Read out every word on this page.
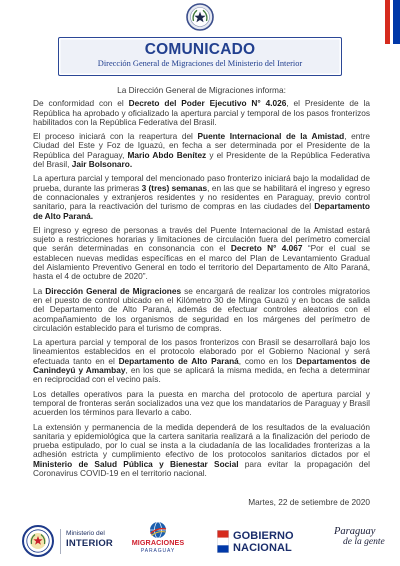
COMUNICADO
Dirección General de Migraciones del Ministerio del Interior

La Dirección General de Migraciones informa:

De conformidad con el Decreto del Poder Ejecutivo N° 4.026, el Presidente de la República ha aprobado y oficializado la apertura parcial y temporal de los pasos fronterizos habilitados con la República Federativa del Brasil.

El proceso iniciará con la reapertura del Puente Internacional de la Amistad, entre Ciudad del Este y Foz de Iguazú, en fecha a ser determinada por el Presidente de la República del Paraguay, Mario Abdo Benítez y el Presidente de la República Federativa del Brasil, Jair Bolsonaro.

La apertura parcial y temporal del mencionado paso fronterizo iniciará bajo la modalidad de prueba, durante las primeras 3 (tres) semanas, en las que se habilitará el ingreso y egreso de connacionales y extranjeros residentes y no residentes en Paraguay, previo control sanitario, para la reactivación del turismo de compras en las ciudades del Departamento de Alto Paraná.

El ingreso y egreso de personas a través del Puente Internacional de la Amistad estará sujeto a restricciones horarias y limitaciones de circulación fuera del perímetro comercial que serán determinadas en consonancia con el Decreto N° 4.067 “Por el cual se establecen nuevas medidas específicas en el marco del Plan de Levantamiento Gradual del Aislamiento Preventivo General en todo el territorio del Departamento de Alto Paraná, hasta el 4 de octubre de 2020”.

La Dirección General de Migraciones se encargará de realizar los controles migratorios en el puesto de control ubicado en el Kilómetro 30 de Minga Guazú y en bocas de salida del Departamento de Alto Paraná, además de efectuar controles aleatorios con el acompañamiento de los organismos de seguridad en los márgenes del perímetro de circulación establecido para el turismo de compras.

La apertura parcial y temporal de los pasos fronterizos con Brasil se desarrollará bajo los lineamientos establecidos en el protocolo elaborado por el Gobierno Nacional y será efectuada tanto en el Departamento de Alto Paraná, como en los Departamentos de Canindeyú y Amambay, en los que se aplicará la misma medida, en fecha a determinar en reciprocidad con el vecino país.

Los detalles operativos para la puesta en marcha del protocolo de apertura parcial y temporal de fronteras serán socializados una vez que los mandatarios de Paraguay y Brasil acuerden los términos para llevarlo a cabo.

La extensión y permanencia de la medida dependerá de los resultados de la evaluación sanitaria y epidemiológica que la cartera sanitaria realizará a la finalización del periodo de prueba estipulado, por lo cual se insta a la ciudadanía de las localidades fronterizas a la adhesión estricta y cumplimiento efectivo de los protocolos sanitarios dictados por el Ministerio de Salud Pública y Bienestar Social para evitar la propagación del Coronavirus COVID-19 en el territorio nacional.

Martes, 22 de setiembre de 2020
Ministerio del
INTERIOR	MIGRACIONES
PARAGUAY
GOBIERNO
NACIONAL
Paraguay
de la gente
